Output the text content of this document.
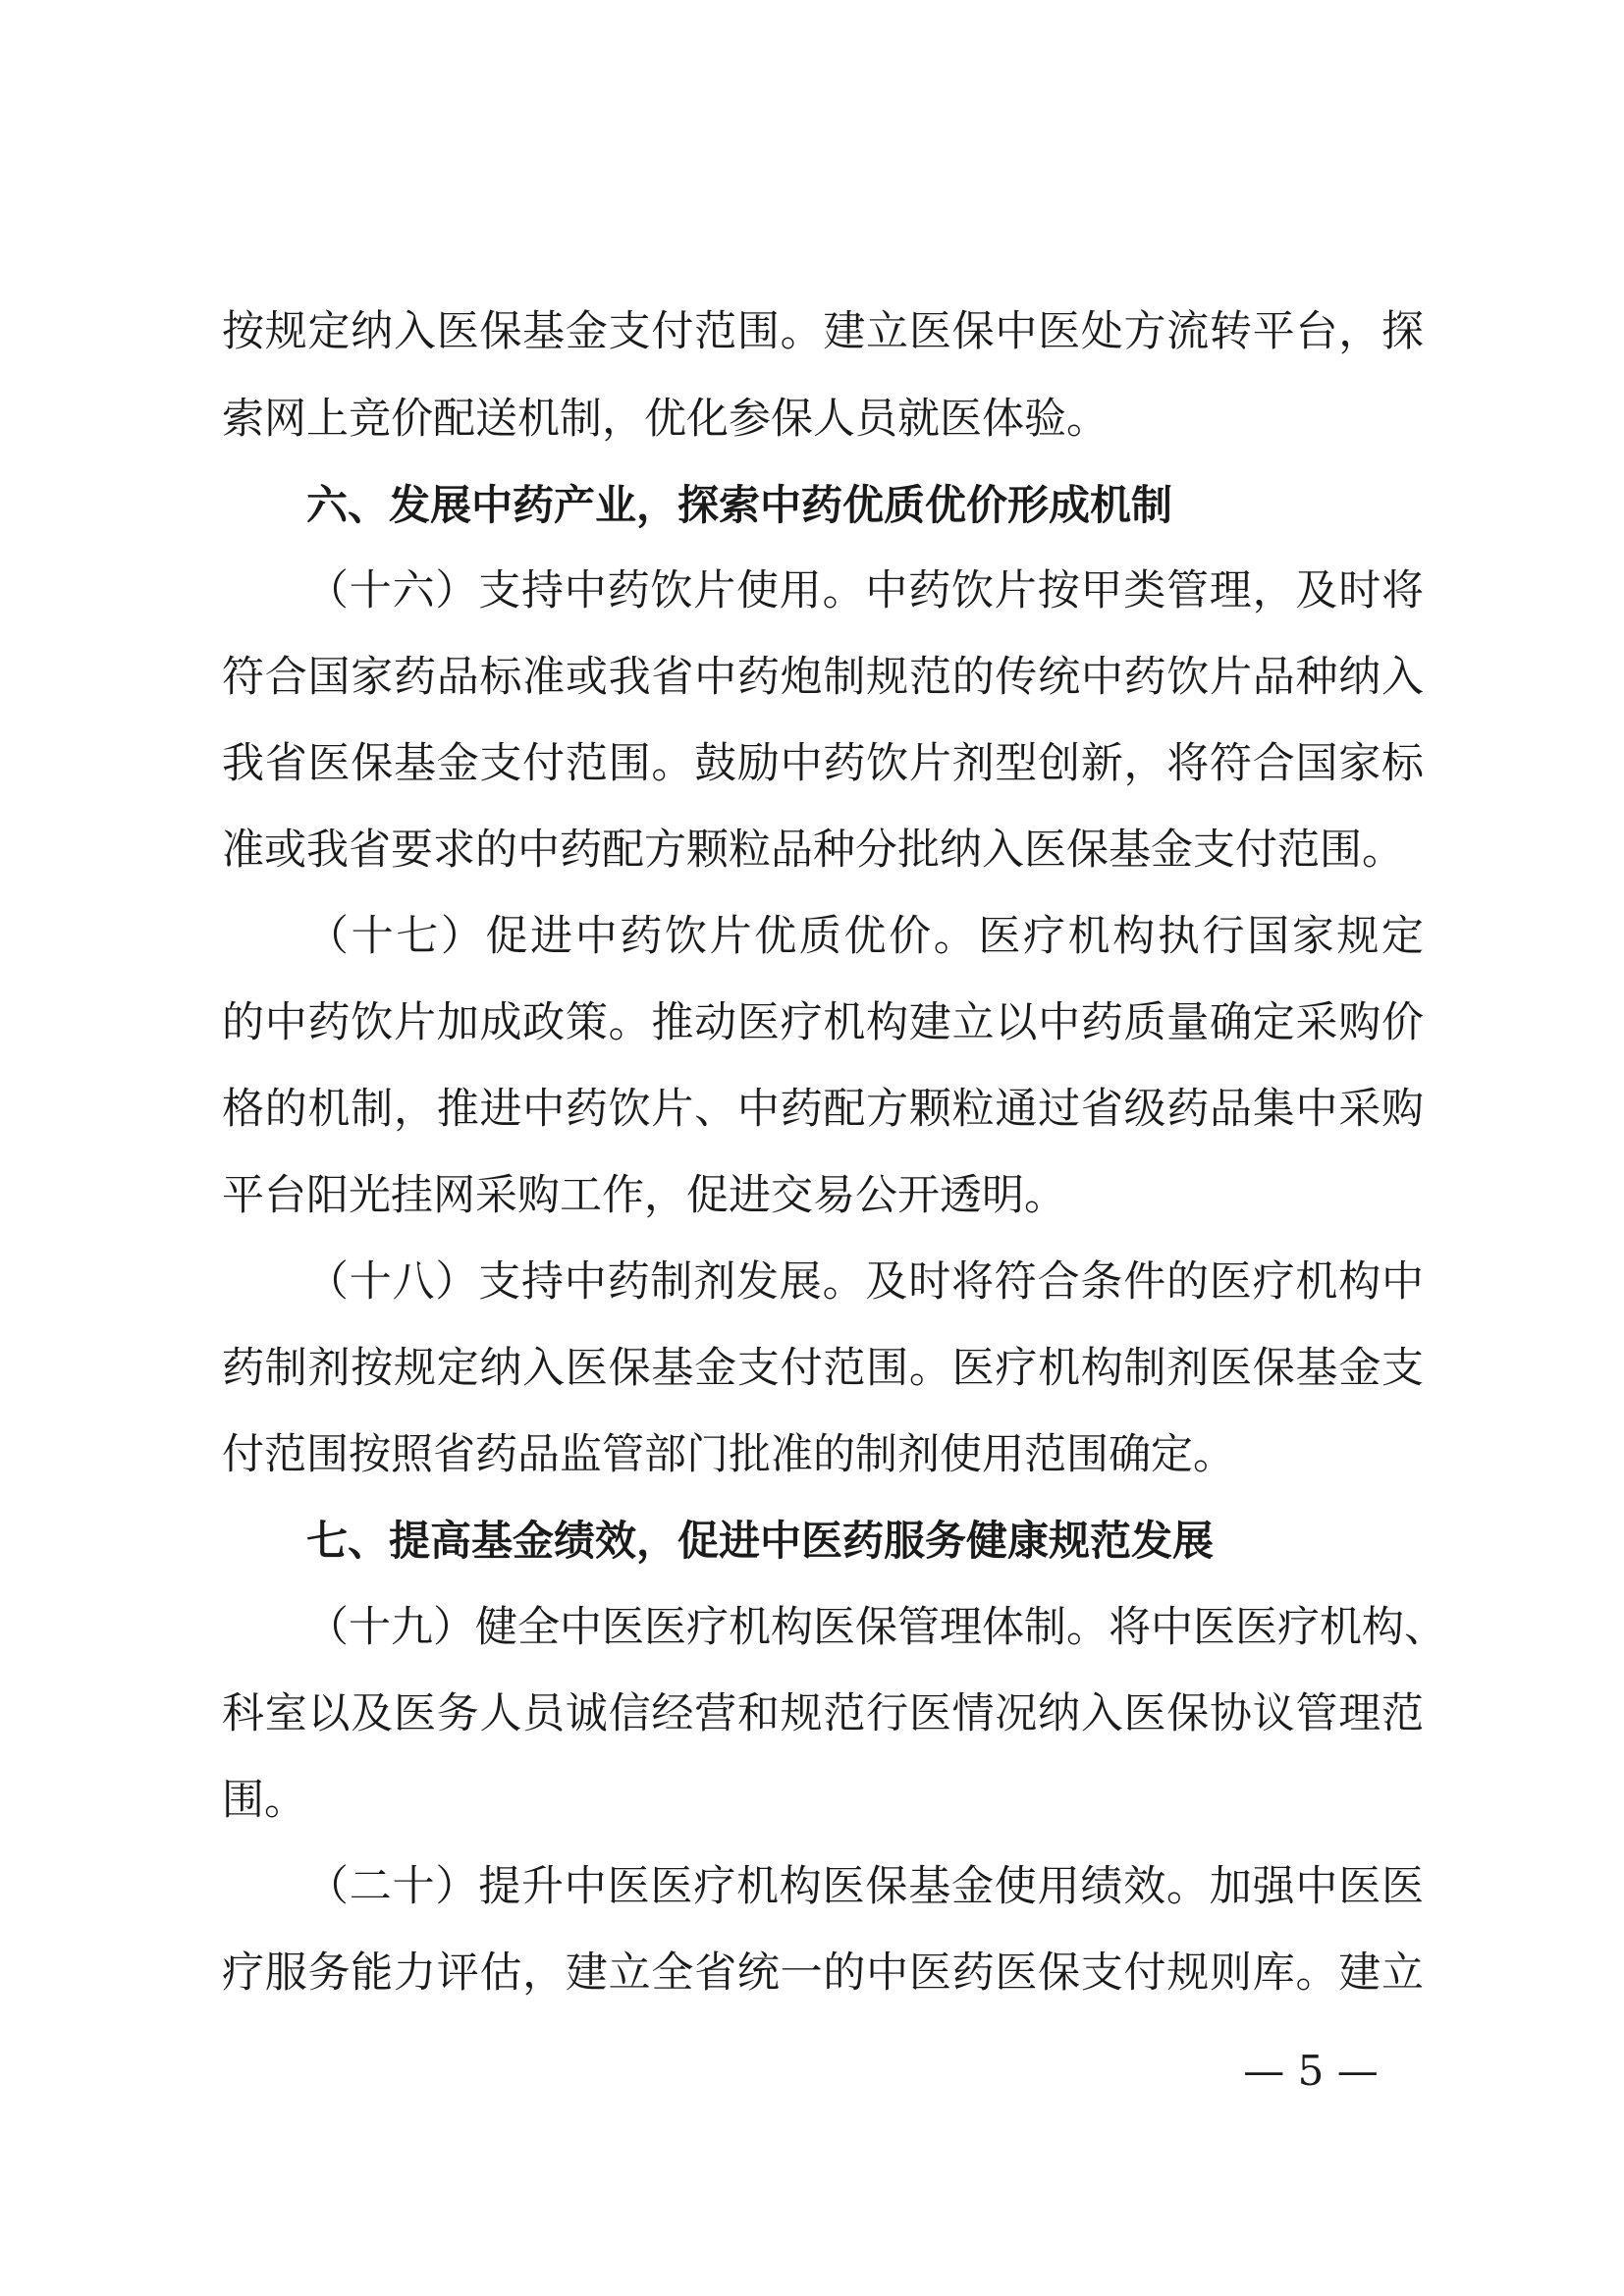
按规定纳入医保基金支付范围。建立医保中医处方流转平台，探
索网上竞价配送机制，优化参保人员就医体验。
六、发展中药产业，探索中药优质优价形成机制
（十六）支持中药饮片使用。中药饮片按甲类管理，及时将
符合国家药品标准或我省中药炮制规范的传统中药饮片品种纳入
我省医保基金支付范围。鼓励中药饮片剂型创新，将符合国家标
准或我省要求的中药配方颗粒品种分批纳入医保基金支付范围。
（十七）促进中药饮片优质优价。医疗机构执行国家规定
的中药饮片加成政策。推动医疗机构建立以中药质量确定采购价
格的机制，推进中药饮片、中药配方颗粒通过省级药品集中采购
平台阳光挂网采购工作，促进交易公开透明。
（十八）支持中药制剂发展。及时将符合条件的医疗机构中
药制剂按规定纳入医保基金支付范围。医疗机构制剂医保基金支
付范围按照省药品监管部门批准的制剂使用范围确定。
七、提高基金绩效，促进中医药服务健康规范发展
（十九）健全中医医疗机构医保管理体制。将中医医疗机构、
科室以及医务人员诚信经营和规范行医情况纳入医保协议管理范
围。
（二十）提升中医医疗机构医保基金使用绩效。加强中医医
疗服务能力评估，建立全省统一的中医药医保支付规则库。建立
— 5 —
